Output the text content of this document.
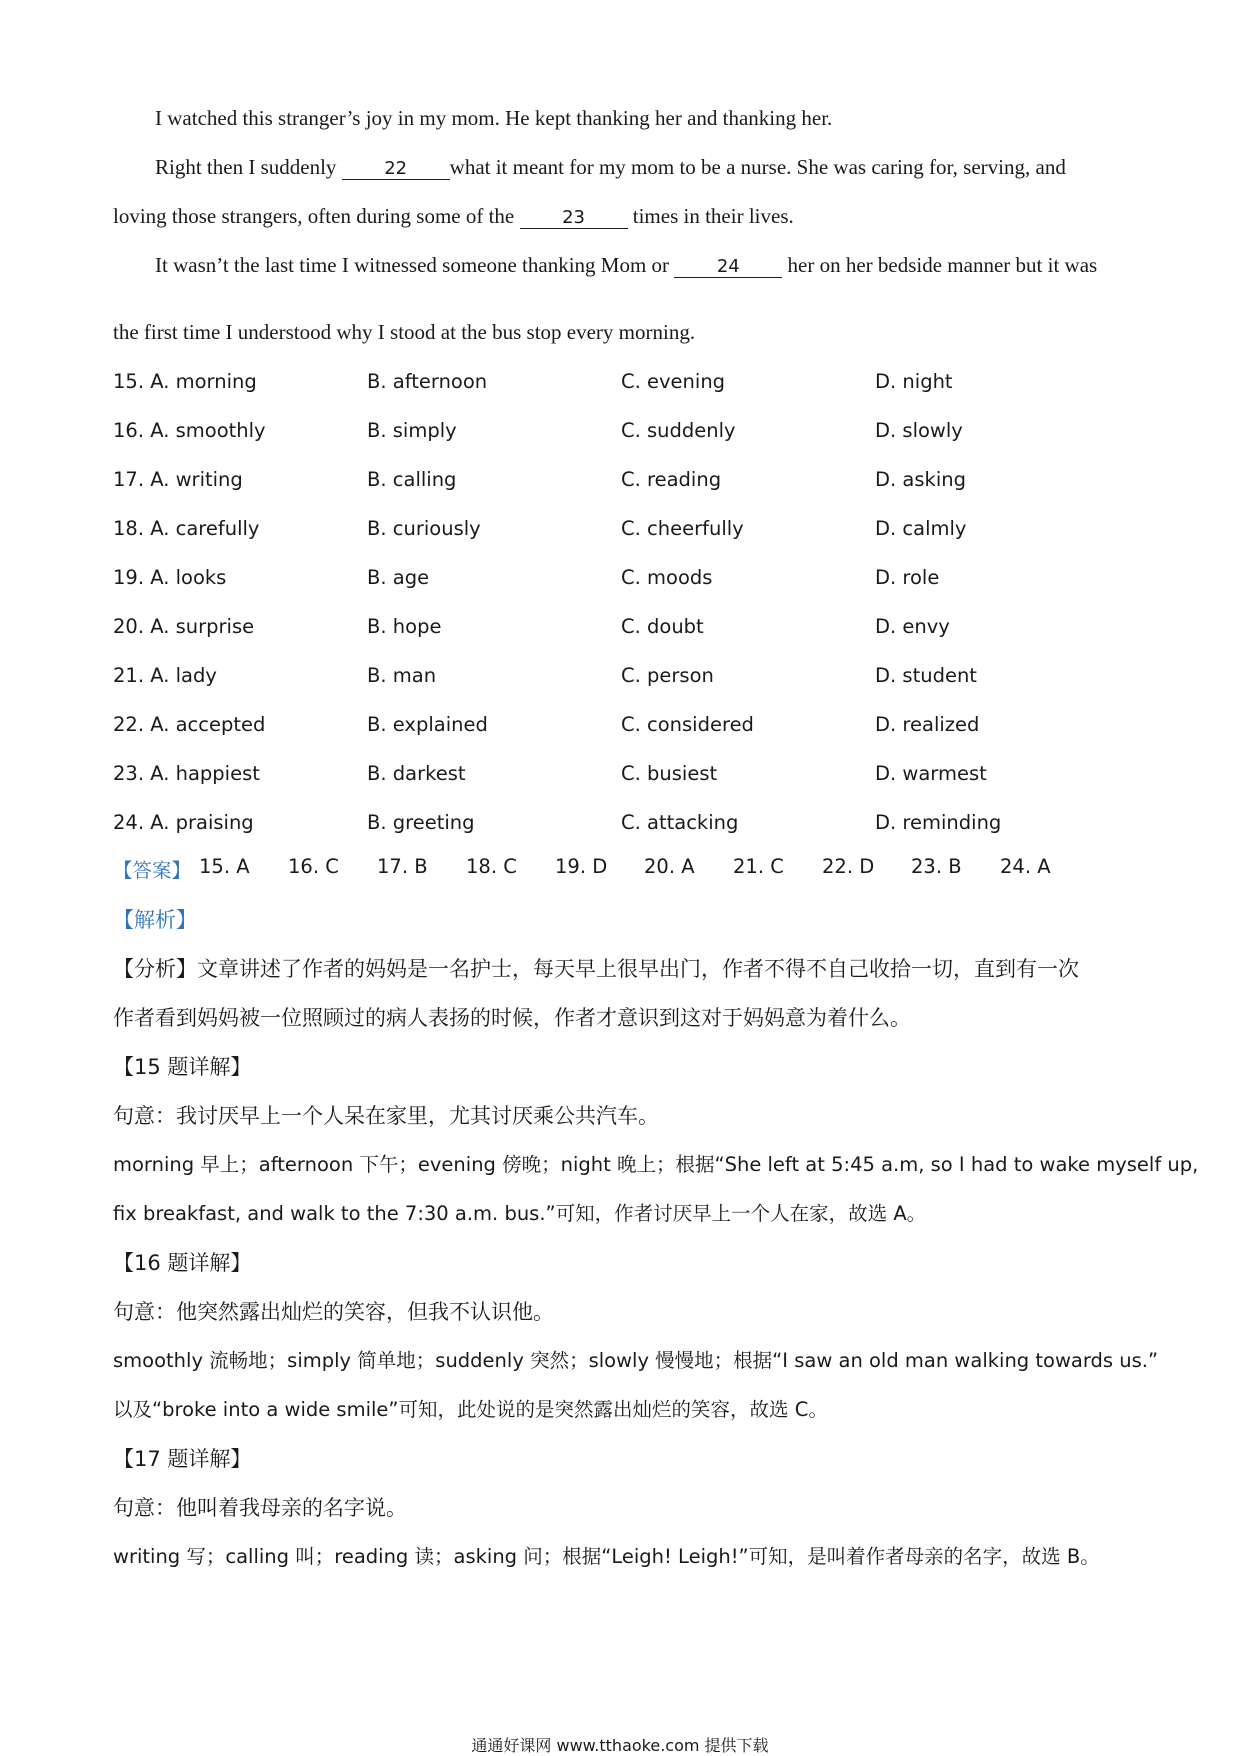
I watched this stranger’s joy in my mom. He kept thanking her and thanking her.
Right then I suddenly 22 what it meant for my mom to be a nurse. She was caring for, serving, and
loving those strangers, often during some of the 23 times in their lives.
It wasn’t the last time I witnessed someone thanking Mom or 24 her on her bedside manner but it was
the first time I understood why I stood at the bus stop every morning.
15. A. morning	B. afternoon	C. evening	D. night
16. A. smoothly	B. simply	C. suddenly	D. slowly
17. A. writing	B. calling	C. reading	D. asking
18. A. carefully	B. curiously	C. cheerfully	D. calmly
19. A. looks	B. age	C. moods	D. role
20. A. surprise	B. hope	C. doubt	D. envy
21. A. lady	B. man	C. person	D. student
22. A. accepted	B. explained	C. considered	D. realized
23. A. happiest	B. darkest	C. busiest	D. warmest
24. A. praising	B. greeting	C. attacking	D. reminding
【答案】 15. A 16. C 17. B 18. C 19. D 20. A 21. C 22. D 23. B 24. A
【解析】
【分析】文章讲述了作者的妈妈是一名护士，每天早上很早出门，作者不得不自己收拾一切，直到有一次
作者看到妈妈被一位照顾过的病人表扬的时候，作者才意识到这对于妈妈意为着什么。
【15 题详解】
句意：我讨厌早上一个人呆在家里，尤其讨厌乘公共汽车。
morning 早上；afternoon 下午；evening 傍晚；night 晚上；根据“She left at 5:45 a.m, so I had to wake myself up,
fix breakfast, and walk to the 7:30 a.m. bus.”可知，作者讨厌早上一个人在家，故选 A。
【16 题详解】
句意：他突然露出灿烂的笑容，但我不认识他。
smoothly 流畅地；simply 简单地；suddenly 突然；slowly 慢慢地；根据“I saw an old man walking towards us.”
以及“broke into a wide smile”可知，此处说的是突然露出灿烂的笑容，故选 C。
【17 题详解】
句意：他叫着我母亲的名字说。
writing 写；calling 叫；reading 读；asking 问；根据“Leigh! Leigh!”可知，是叫着作者母亲的名字，故选 B。
通通好课网 www.tthaoke.com 提供下载
